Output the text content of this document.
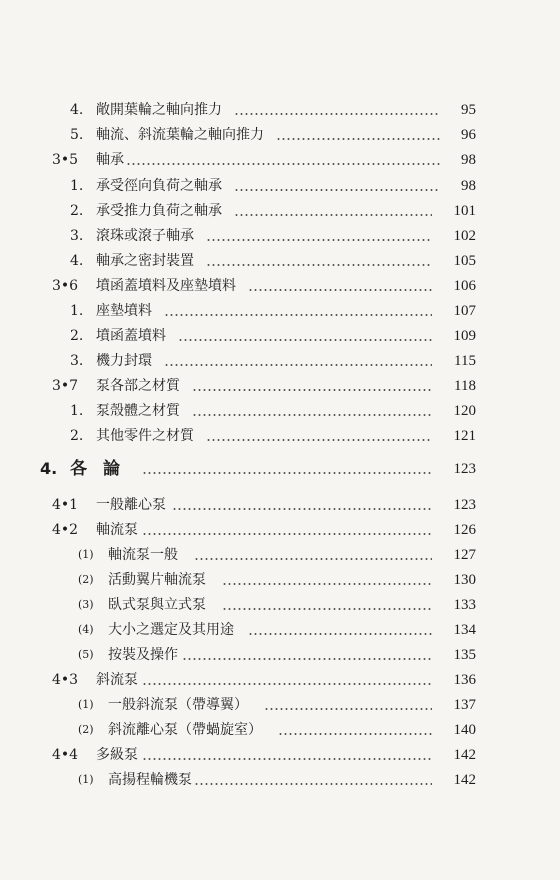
4. 敞開葉輪之軸向推力	95
5. 軸流、斜流葉輪之軸向推力	96
3•5 軸承	98
1. 承受徑向負荷之軸承	98
2. 承受推力負荷之軸承	101
3. 滾珠或滾子軸承	102
4. 軸承之密封裝置	105
3•6 墳函蓋墳料及座墊墳料	106
1. 座墊墳料	107
2. 墳函蓋墳料	109
3. 機力封環	115
3•7 泵各部之材質	118
1. 泵殼體之材質	120
2. 其他零件之材質	121
4. 各論	123
4•1 一般離心泵	123
4•2 軸流泵	126
(1) 軸流泵一般	127
(2) 活動翼片軸流泵	130
(3) 臥式泵與立式泵	133
(4) 大小之選定及其用途	134
(5) 按裝及操作	135
4•3 斜流泵	136
(1) 一般斜流泵（帶導翼）	137
(2) 斜流離心泵（帶蝸旋室）	140
4•4 多級泵	142
(1) 高揚程輪機泵	142
